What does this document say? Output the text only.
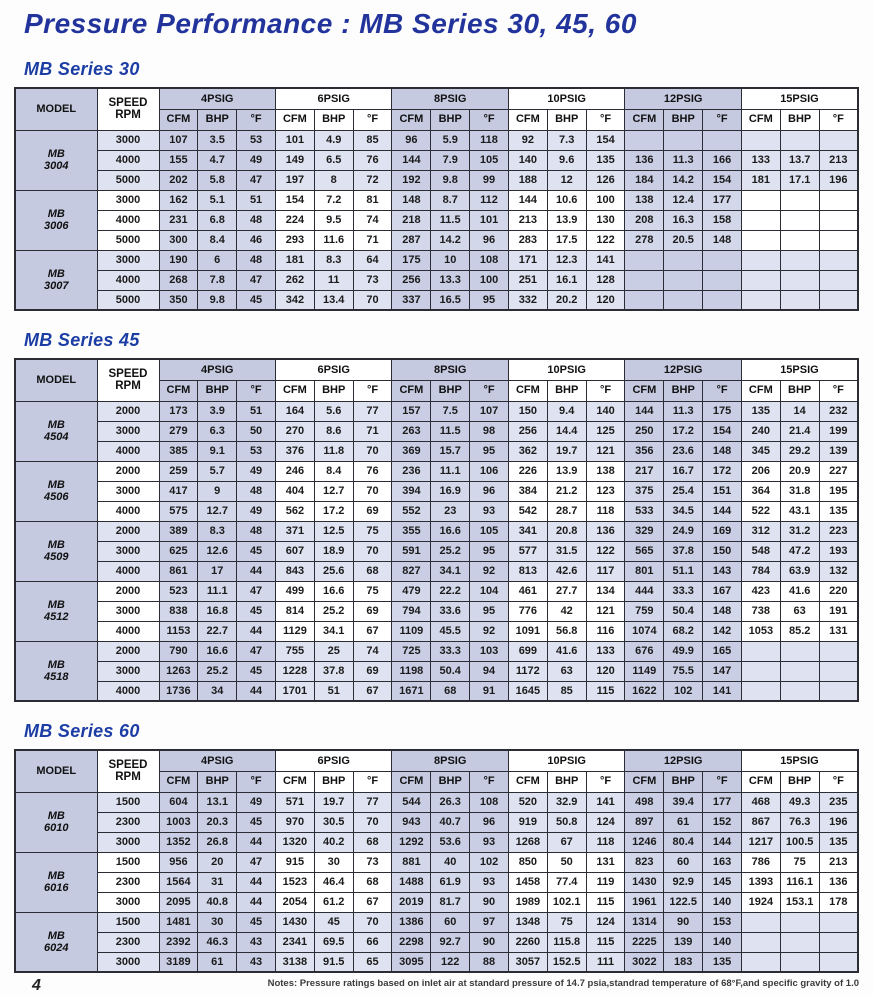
Pressure Performance : MB Series 30, 45, 60
MB Series 30
MODEL	SPEED
RPM	4PSIG			6PSIG			8PSIG			10PSIG			12PSIG			15PSIG		
		CFM	BHP	°F	CFM	BHP	°F	CFM	BHP	°F	CFM	BHP	°F	CFM	BHP	°F	CFM	BHP	°F

MB
3004	3000	107	3.5	53	101	4.9	85	96	5.9	118	92	7.3	154						
	4000	155	4.7	49	149	6.5	76	144	7.9	105	140	9.6	135	136	11.3	166	133	13.7	213
	5000	202	5.8	47	197	8	72	192	9.8	99	188	12	126	184	14.2	154	181	17.1	196

MB
3006	3000	162	5.1	51	154	7.2	81	148	8.7	112	144	10.6	100	138	12.4	177			
	4000	231	6.8	48	224	9.5	74	218	11.5	101	213	13.9	130	208	16.3	158			
	5000	300	8.4	46	293	11.6	71	287	14.2	96	283	17.5	122	278	20.5	148			

MB
3007	3000	190	6	48	181	8.3	64	175	10	108	171	12.3	141						
	4000	268	7.8	47	262	11	73	256	13.3	100	251	16.1	128						
	5000	350	9.8	45	342	13.4	70	337	16.5	95	332	20.2	120						
MB Series 45
MODEL	SPEED
RPM	4PSIG			6PSIG			8PSIG			10PSIG			12PSIG			15PSIG		
		CFM	BHP	°F	CFM	BHP	°F	CFM	BHP	°F	CFM	BHP	°F	CFM	BHP	°F	CFM	BHP	°F

MB
4504	2000	173	3.9	51	164	5.6	77	157	7.5	107	150	9.4	140	144	11.3	175	135	14	232
	3000	279	6.3	50	270	8.6	71	263	11.5	98	256	14.4	125	250	17.2	154	240	21.4	199
	4000	385	9.1	53	376	11.8	70	369	15.7	95	362	19.7	121	356	23.6	148	345	29.2	139

MB
4506	2000	259	5.7	49	246	8.4	76	236	11.1	106	226	13.9	138	217	16.7	172	206	20.9	227
	3000	417	9	48	404	12.7	70	394	16.9	96	384	21.2	123	375	25.4	151	364	31.8	195
	4000	575	12.7	49	562	17.2	69	552	23	93	542	28.7	118	533	34.5	144	522	43.1	135

MB
4509	2000	389	8.3	48	371	12.5	75	355	16.6	105	341	20.8	136	329	24.9	169	312	31.2	223
	3000	625	12.6	45	607	18.9	70	591	25.2	95	577	31.5	122	565	37.8	150	548	47.2	193
	4000	861	17	44	843	25.6	68	827	34.1	92	813	42.6	117	801	51.1	143	784	63.9	132

MB
4512	2000	523	11.1	47	499	16.6	75	479	22.2	104	461	27.7	134	444	33.3	167	423	41.6	220
	3000	838	16.8	45	814	25.2	69	794	33.6	95	776	42	121	759	50.4	148	738	63	191
	4000	1153	22.7	44	1129	34.1	67	1109	45.5	92	1091	56.8	116	1074	68.2	142	1053	85.2	131

MB
4518	2000	790	16.6	47	755	25	74	725	33.3	103	699	41.6	133	676	49.9	165			
	3000	1263	25.2	45	1228	37.8	69	1198	50.4	94	1172	63	120	1149	75.5	147			
	4000	1736	34	44	1701	51	67	1671	68	91	1645	85	115	1622	102	141			
MB Series 60
MODEL	SPEED
RPM	4PSIG			6PSIG			8PSIG			10PSIG			12PSIG			15PSIG		
		CFM	BHP	°F	CFM	BHP	°F	CFM	BHP	°F	CFM	BHP	°F	CFM	BHP	°F	CFM	BHP	°F

MB
6010	1500	604	13.1	49	571	19.7	77	544	26.3	108	520	32.9	141	498	39.4	177	468	49.3	235
	2300	1003	20.3	45	970	30.5	70	943	40.7	96	919	50.8	124	897	61	152	867	76.3	196
	3000	1352	26.8	44	1320	40.2	68	1292	53.6	93	1268	67	118	1246	80.4	144	1217	100.5	135

MB
6016	1500	956	20	47	915	30	73	881	40	102	850	50	131	823	60	163	786	75	213
	2300	1564	31	44	1523	46.4	68	1488	61.9	93	1458	77.4	119	1430	92.9	145	1393	116.1	136
	3000	2095	40.8	44	2054	61.2	67	2019	81.7	90	1989	102.1	115	1961	122.5	140	1924	153.1	178

MB
6024	1500	1481	30	45	1430	45	70	1386	60	97	1348	75	124	1314	90	153			
	2300	2392	46.3	43	2341	69.5	66	2298	92.7	90	2260	115.8	115	2225	139	140			
	3000	3189	61	43	3138	91.5	65	3095	122	88	3057	152.5	111	3022	183	135			
4	Notes: Pressure ratings based on inlet air at standard pressure of 14.7 psia,standrad temperature of 68°F,and specific gravity of 1.0
